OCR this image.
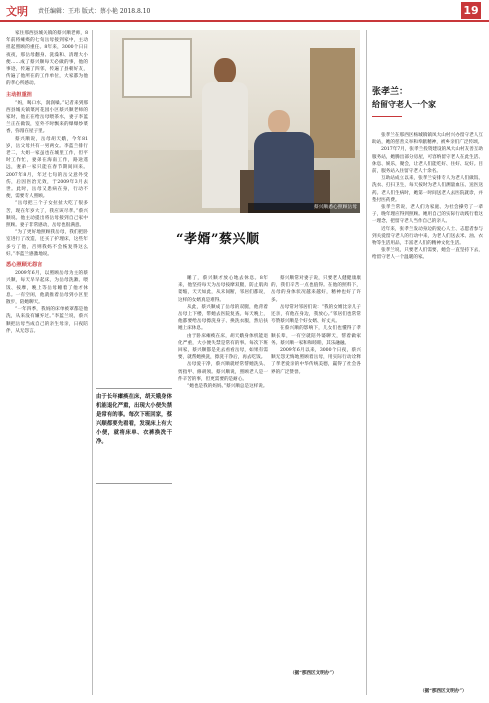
文明 责任编辑：王玮 版式：蔡小艳 2018.8.10	19

家住那西县城关镇的蔡兴顺老师，8年前将瘫痪的七旬岳母接到家中，主动担起照顾的重任。8年来，3000个日日夜夜，那岳母翻身、洗澡和、清理大小便……成了蔡兴顺每天必做的事，他的事迹，传遍了四邻，传遍了县朝好友，传遍了他所在的工作单位，大家都为他的孝心所感动。

主动担重担

“妈，喝口水，润润嗓。”记者来到那西县城关镇菜河花园小区蔡兴顺老师的家时，他正在给岳母喂茶水，妻子李蓝兰正在做饭，室外不时飘来的爆爆炒菜香，弥漫在屋子里。

蔡兴顺说，岳母胡天娥，今年81岁，岳父母共有一男两女。李蓝兰排行老二，大姐一家虽也在城里工作，但平时工作忙，妻弟在海南工作，路途遥远，妻弟一家只能在春节期间回来。2007年8月，年过七旬的岳父意外受伤，后因医治无效，于2009年3月去世。此时，岳母又患病在身，行动不便，需要专人照顾。

“岳母把三个子女拉扯大吃了很多苦，现在年岁大了，我应该尽孝。”蔡兴顺说。他主动提出将岳母接到自己家中照顾。妻子非常感动，岳母也很满意。

“为了更好地照顾我岳母，我们把卧室进行了改造，还买了护理床，这些年多亏了他，否则我妈不会恢复得这么好。”李蓝兰感激地说。

悉心照顾无怨言

2009年6月，以照顾岳母为主的蔡兴顺，每天早早起床，为岳母洗漱、喂饭、按摩，晚上等岳母睡着了他才休息。一有空闲，他就推着岳母到小区里散步，陪她聊天。

“一年四季，我妈的床单被罩都是他洗，从来没有嫌弃过。”李蓝兰说，蔡兴顺把岳母当成自己的亲生母亲，日夜陪伴，从无怨言。

蔡兴顺悉心照顾岳母
“孝婿”蔡兴顺

由于长年瘫痪在床，胡天娥身体机能退化严重，出现大小便失禁是常有的事。每次下班回家，蔡兴顺都要先看看，发现床上有大小便，就将床单、衣裤换洗干净。

睡了，蔡兴顺才放心地去休息。8年来，他坚持每天为岳母按摩双腿，防止肌肉萎缩，天天如此，从未间断，邻居们都说，这样的女婿真是难得。

从此，蔡兴顺成了岳母的双腿，他背着岳母上下楼，带她去医院复查。每天晚上，他都要给岳母擦洗身子、换洗衣服，然后扶她上床休息。

由于卧床瘫痪在床，胡天娥身体机能退化严重，大小便失禁是常有的事。每次下班回家，蔡兴顺都是先去看看岳母，如果有需要，就帮她换洗，擦洗干净后，再去吃饭。

岳母爱干净，蔡兴顺就经常帮她洗头、剪指甲、修胡须。蔡兴顺说，照顾老人是一件辛苦的事，但更需要的是耐心。

“她也是我的妈妈。”蔡兴顺总是这样说。

蔡兴顺常对妻子说，只要老人健健康康的，我们辛苦一点也值得。在他的照料下，岳母的身体状况越来越好，精神也好了许多。

岳母常对邻居们说：“我的女婿比亲儿子还亲，有他在身边，我放心。”邻居们也常常夸赞蔡兴顺是个好女婿、好丈夫。

在蔡兴顺的影响下，儿女们也懂得了孝顺长辈，一有空就陪外婆聊天，帮着做家务。蔡兴顺一家和和睦睦，其乐融融。

2009年6月以来，3000个日夜，蔡兴顺无怨无悔地照顾着岳母，用实际行动诠释了孝老爱亲的中华传统美德，赢得了社会各界的广泛赞誉。

（据“那西区文明办”）
张孝兰：
给留守老人一个家

张孝兰在那西区杨城镇镇凤大山村兴办留守老人互助站，她的慈善义举和奉献精神，被乡亲们广泛传颂。

2017年7月，张孝兰投资建设的凤大山村友善互助服务站，她腾出部分房屋，可容纳留守老人在此生活、休息、娱乐，聚会，让老人们能吃好、住好、玩好。目前，服务站入住留守老人十余名。

互助站成立以来，张孝兰安排专人为老人们做饭、洗衣、打扫卫生，每天按时为老人们测量血压、送医送药。老人们生病时，她第一时间送老人去医院就诊，并垫付医药费。

张孝兰常说，老人们为家庭、为社会操劳了一辈子，晚年理应得到照顾。她用自己的实际行动践行着这一理念，把留守老人当作自己的亲人。

近年来，张孝兰发动身边的爱心人士、志愿者参与到关爱留守老人的行动中来，为老人们送去米、油、衣物等生活用品，丰富老人们的精神文化生活。

张孝兰说，只要老人们需要，她会一直坚持下去，给留守老人一个温暖的家。

（据“那西区文明办”）
